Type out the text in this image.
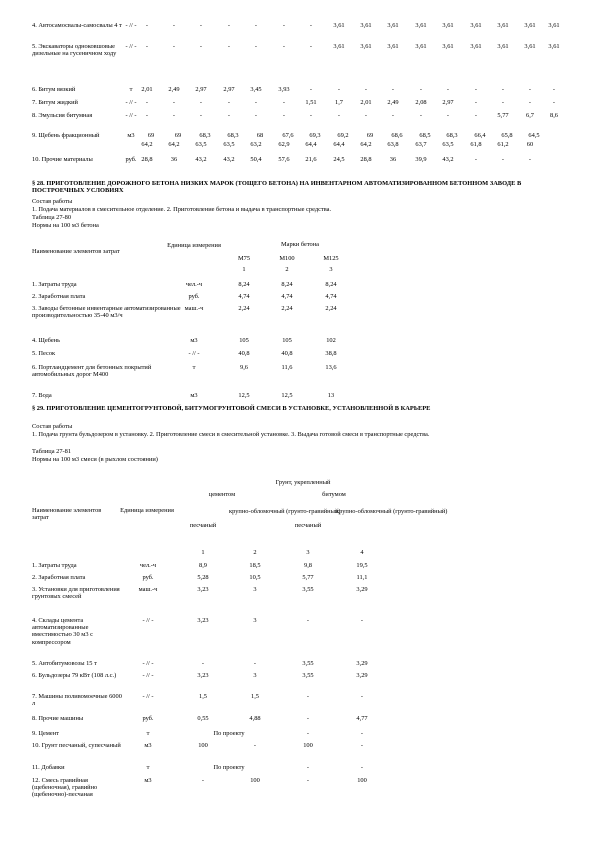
4. Автосамосвалы-самосвалы 4 т - // -	-	-	-	-	-	-	-	3,61	3,61	3,61	3,61	3,61	3,61	3,61	3,61	3,61
5. Экскаваторы одноковшовые дизельные на гусеничном ходу
- // -	-	-	-	-	-	-	-	3,61	3,61	3,61	3,61	3,61	3,61	3,61	3,61	3,61
6. Битум вязкий	т	2,01	2,49	2,97	2,97	3,45	3,93	-	-	-	-	-	-	-	-	-	-
7. Битум жидкий	- // -	-	-	-	-	-	-	1,51	1,7	2,01	2,49	2,08	2,97	-	-	-	-
8. Эмульсия битумная	- // -	-	-	-	-	-	-	-	-	-	-	-	-	-	5,77	6,7	8,6
9. Щебень фракционный	м3	69	69	68,3	68,3	68	67,6	69,3	69,2	69	68,6	68,5	68,3	66,4	65,8	64,5
64,2	64,2	63,5	63,5	63,2	62,9	64,4	64,4	64,2	63,8	63,7	63,5	61,8	61,2	60
10. Прочие материалы	руб. 28,8	36	43,2	43,2	50,4	57,6	21,6	24,5	28,8	36	39,9	43,2	-	-	-
§ 28. ПРИГОТОВЛЕНИЕ ДОРОЖНОГО БЕТОНА НИЗКИХ МАРОК (ТОЩЕГО БЕТОНА) НА ИНВЕНТАРНОМ АВТОМАТИЗИРОВАННОМ БЕТОННОМ ЗАВОДЕ В ПОСТРОЕЧНЫХ УСЛОВИЯХ
Состав работы
1. Подача материалов в смесительное отделение. 2. Приготовление бетона и выдача в транспортные средства.
Таблица 27-80
Нормы на 100 м3 бетона
Наименование элементов затрат
Единица измерения	Марки бетона
М75	М100	М125
1	2	3
1. Затраты труда	чел.-ч	8,24	8,24	8,24
2. Заработная плата	руб.	4,74	4,74	4,74
3. Заводы бетонные инвентарные автоматизированные производительностью 35-40 м3/ч
маш.-ч	2,24	2,24	2,24
4. Щебень	м3	105	105	102
5. Песок	- // -	40,8	40,8	38,8
6. Портландцемент для бетонных покрытий автомобильных дорог М400
т	9,6	11,6	13,6
7. Вода	м3	12,5	12,5	13
§ 29. ПРИГОТОВЛЕНИЕ ЦЕМЕНТОГРУНТОВОЙ, БИТУМОГРУНТОВОЙ СМЕСИ В УСТАНОВКЕ, УСТАНОВЛЕННОЙ В КАРЬЕРЕ
Состав работы
1. Подача грунта бульдозером в установку. 2. Приготовление смеси в смесительной установке. 3. Выдача готовой смеси в транспортные средства.
Таблица 27-81
Нормы на 100 м3 смеси (в рыхлом состоянии)
Грунт, укрепленный
цементом	битумом
Наименование элементов затрат
Единица измерения
песчаный
крупно-обломочный (грунто-гравийный)
песчаный
крупно-обломочный (грунто-гравийный)
1	2	3	4
1. Затраты труда	чел.-ч	8,9	18,5	9,8	19,5
2. Заработная плата	руб.	5,28	10,5	5,77	11,1
3. Установки для приготовления грунтовых смесей
маш.-ч	3,23	3	3,55	3,29
4. Склады цемента автоматизированные вместимостью 30 м3 с компрессором
- // -	3,23	3	-	-
5. Автобитумовозы 15 т	- // -	-	-	3,55	3,29
6. Бульдозеры 79 кВт (108 л.с.)	- // -	3,23	3	3,55	3,29
7. Машины поливомоечные 6000 л
- // -	1,5	1,5	-	-
8. Прочие машины	руб.	0,55	4,88	-	4,77
9. Цемент	т	По проекту	-	-
10. Грунт песчаный, супесчаный	м3	100	-	100	-
11. Добавки	т	По проекту	-	-
12. Смесь гравийная (щебеночная), гравийно (щебеночно)-песчаная
м3	-	100	-	100
